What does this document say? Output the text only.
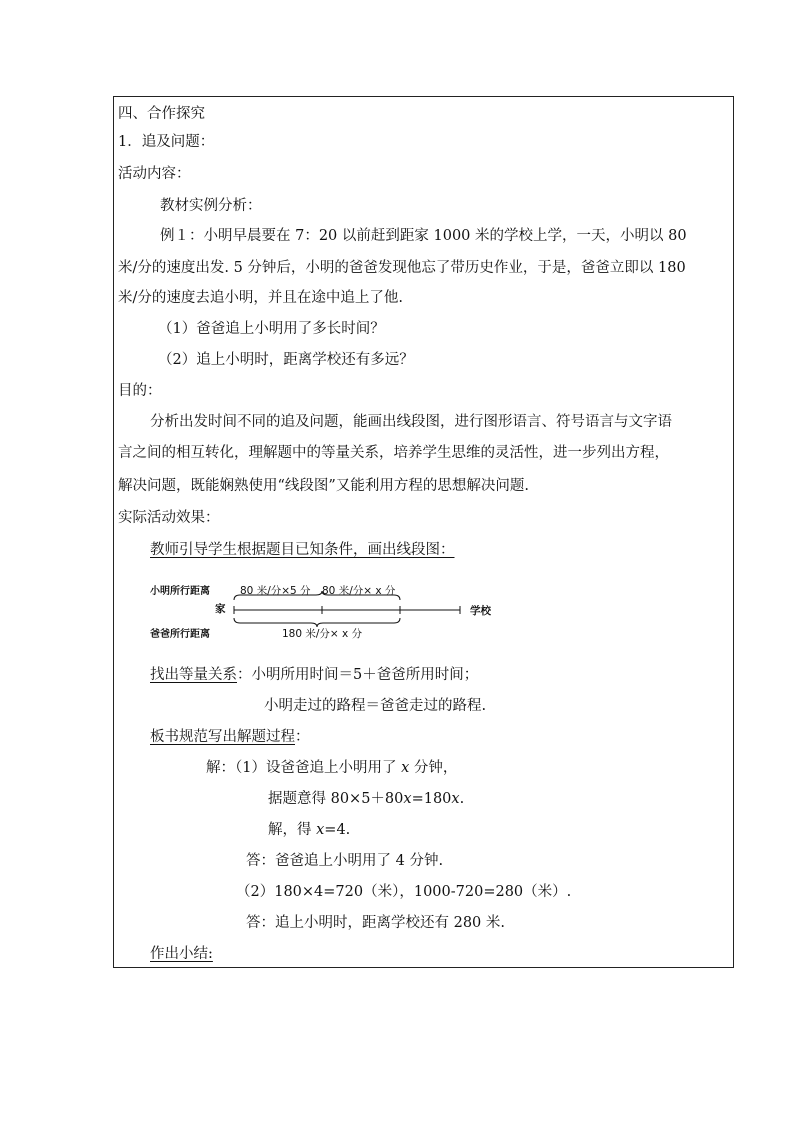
四、合作探究
1．追及问题：
活动内容：
教材实例分析：
例１：小明早晨要在 7：20 以前赶到距家 1000 米的学校上学，一天，小明以 80
米/分的速度出发. 5 分钟后，小明的爸爸发现他忘了带历史作业，于是，爸爸立即以 180
米/分的速度去追小明，并且在途中追上了他.
（1）爸爸追上小明用了多长时间？
（2）追上小明时，距离学校还有多远？
目的：
分析出发时间不同的追及问题，能画出线段图，进行图形语言、符号语言与文字语
言之间的相互转化，理解题中的等量关系，培养学生思维的灵活性，进一步列出方程，
解决问题，既能娴熟使用“线段图”又能利用方程的思想解决问题.
实际活动效果：
教师引导学生根据题目已知条件，画出线段图：
小明所行距离	80 米/分×5 分 80 米/分× x 分
家	学校
爸爸所行距离	180 米/分× x 分
找出等量关系：小明所用时间＝5＋爸爸所用时间；
小明走过的路程＝爸爸走过的路程.
板书规范写出解题过程：
解：（1）设爸爸追上小明用了 x 分钟，
据题意得 80×5＋80x=180x.
解，得 x=4.
答：爸爸追上小明用了 4 分钟.
（2）180×4=720（米），1000-720=280（米）.
答：追上小明时，距离学校还有 280 米.
作出小结:
